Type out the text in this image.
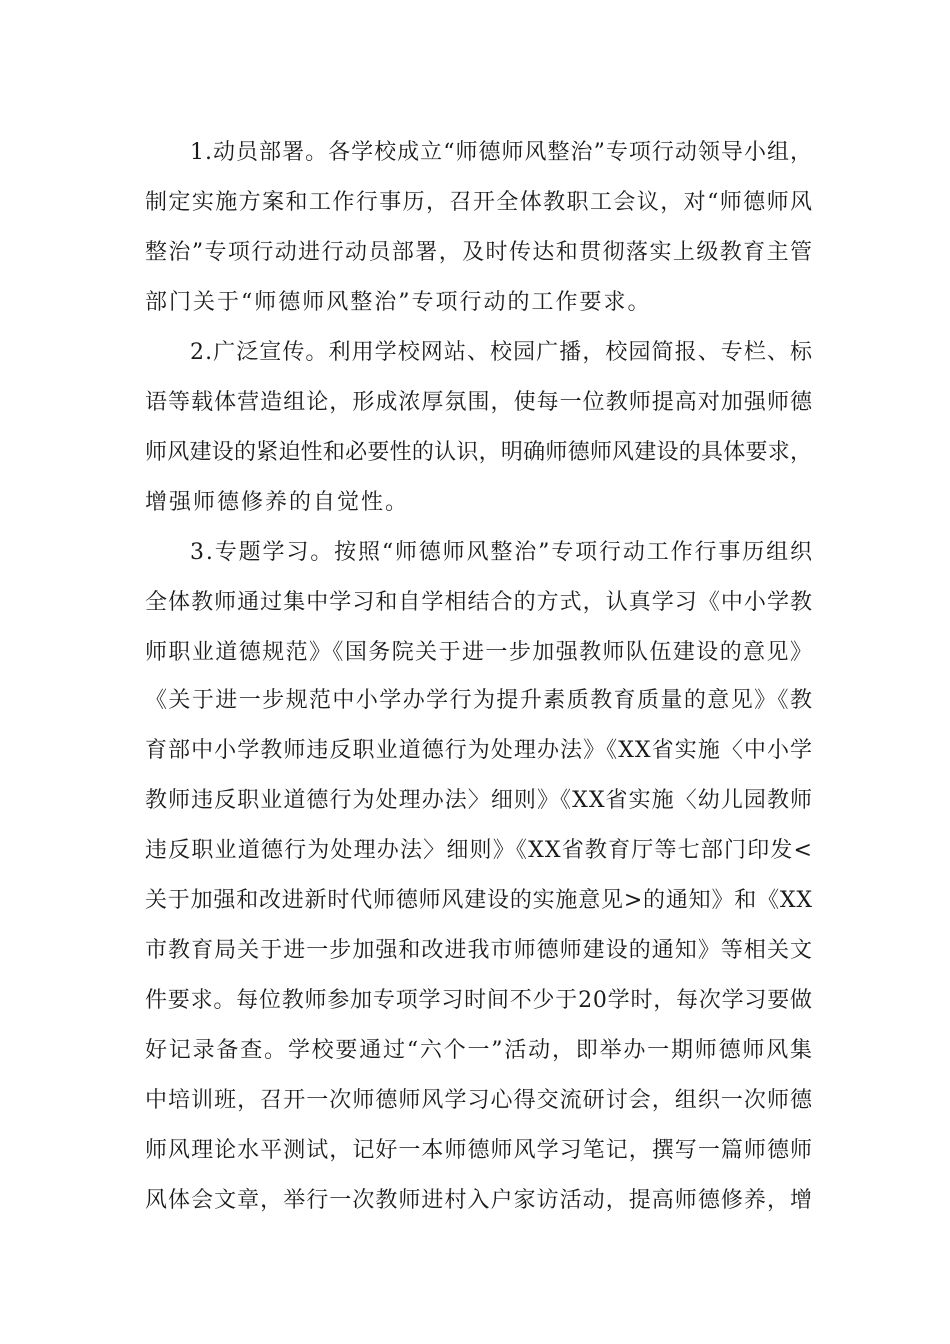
1.动员部署。各学校成立“师德师风整治”专项行动领导小组，
制定实施方案和工作行事历，召开全体教职工会议，对“师德师风
整治”专项行动进行动员部署，及时传达和贯彻落实上级教育主管
部门关于“师德师风整治”专项行动的工作要求。
2.广泛宣传。利用学校网站、校园广播，校园简报、专栏、标
语等载体营造组论，形成浓厚氛围，使每一位教师提高对加强师德
师风建设的紧迫性和必要性的认识，明确师德师风建设的具体要求，
增强师德修养的自觉性。
3.专题学习。按照“师德师风整治”专项行动工作行事历组织
全体教师通过集中学习和自学相结合的方式，认真学习《中小学教
师职业道德规范》《国务院关于进一步加强教师队伍建设的意见》
《关于进一步规范中小学办学行为提升素质教育质量的意见》《教
育部中小学教师违反职业道德行为处理办法》《XX省实施〈中小学
教师违反职业道德行为处理办法〉细则》《XX省实施〈幼儿园教师
违反职业道德行为处理办法〉细则》《XX省教育厅等七部门印发<
关于加强和改进新时代师德师风建设的实施意见>的通知》和《XX
市教育局关于进一步加强和改进我市师德师建设的通知》等相关文
件要求。每位教师参加专项学习时间不少于20学时，每次学习要做
好记录备查。学校要通过“六个一”活动，即举办一期师德师风集
中培训班，召开一次师德师风学习心得交流研讨会，组织一次师德
师风理论水平测试，记好一本师德师风学习笔记，撰写一篇师德师
风体会文章，举行一次教师进村入户家访活动，提高师德修养，增
